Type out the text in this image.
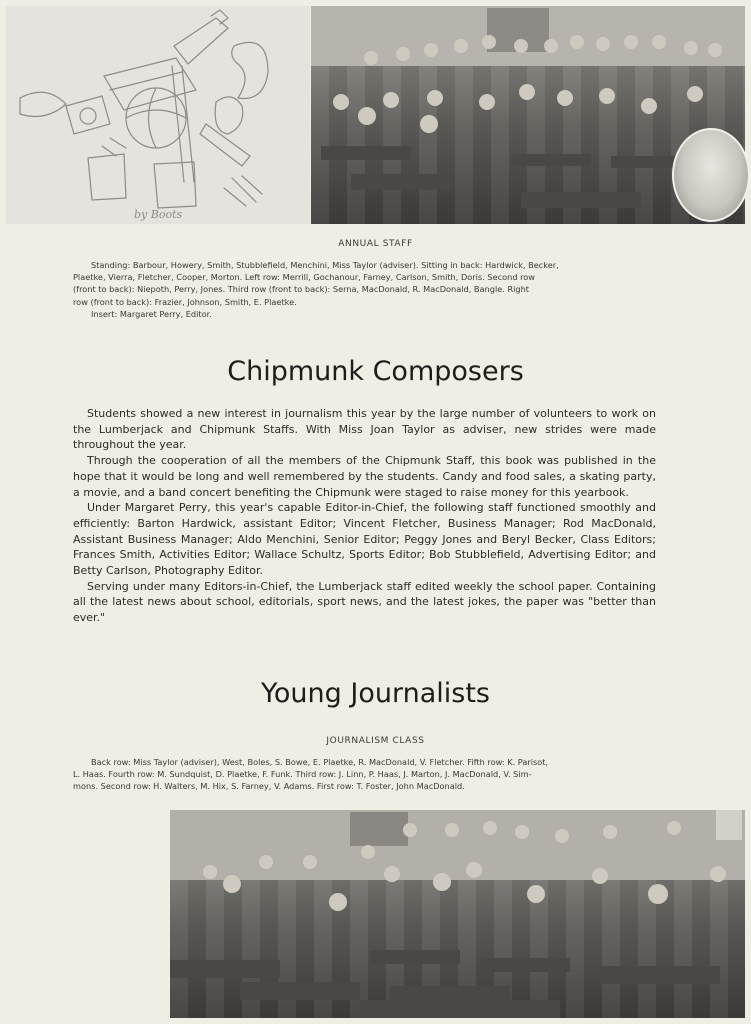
by Boots
ANNUAL STAFF
Standing: Barbour, Howery, Smith, Stubblefield, Menchini, Miss Taylor (adviser). Sitting in back: Hardwick, Becker,
Plaetke, Vierra, Fletcher, Cooper, Morton. Left row: Merrill, Gochanour, Farney, Carlson, Smith, Doris. Second row
(front to back): Niepoth, Perry, Jones. Third row (front to back): Serna, MacDonald, R. MacDonald, Bangle. Right
row (front to back): Frazier, Johnson, Smith, E. Plaetke.
Insert: Margaret Perry, Editor.
Chipmunk Composers

Students showed a new interest in journalism this year by the large number of volunteers to work on the Lumberjack and Chipmunk Staffs. With Miss Joan Taylor as adviser, new strides were made throughout the year.

Through the cooperation of all the members of the Chipmunk Staff, this book was published in the hope that it would be long and well remembered by the students. Candy and food sales, a skating party, a movie, and a band concert benefiting the Chipmunk were staged to raise money for this yearbook.

Under Margaret Perry, this year's capable Editor-in-Chief, the following staff functioned smoothly and efficiently: Barton Hardwick, assistant Editor; Vincent Fletcher, Business Manager; Rod MacDonald, Assistant Business Manager; Aldo Menchini, Senior Editor; Peggy Jones and Beryl Becker, Class Editors; Frances Smith, Activities Editor; Wallace Schultz, Sports Editor; Bob Stubblefield, Advertising Editor; and Betty Carlson, Photography Editor.

Serving under many Editors-in-Chief, the Lumberjack staff edited weekly the school paper. Containing all the latest news about school, editorials, sport news, and the latest jokes, the paper was "better than ever."

Young Journalists
JOURNALISM CLASS
Back row: Miss Taylor (adviser), West, Boles, S. Bowe, E. Plaetke, R. MacDonald, V. Fletcher. Fifth row: K. Parisot,
L. Haas. Fourth row: M. Sundquist, D. Plaetke, F. Funk. Third row: J. Linn, P. Haas, J. Marton, J. MacDonald, V. Sim-
mons. Second row: H. Walters, M. Hix, S. Farney, V. Adams. First row: T. Foster, John MacDonald.
